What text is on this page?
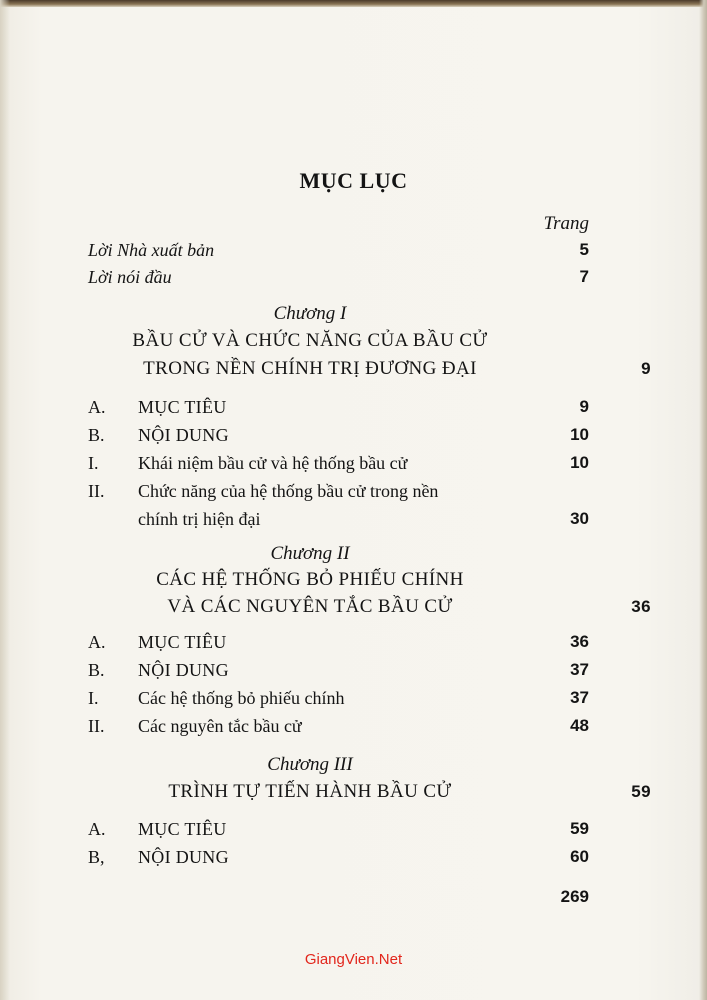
MỤC LỤC
Trang
Lời Nhà xuất bản	5
Lời nói đầu	7
Chương I
BẦU CỬ VÀ CHỨC NĂNG CỦA BẦU CỬ
TRONG NỀN CHÍNH TRỊ ĐƯƠNG ĐẠI	9
A. MỤC TIÊU	9
B. NỘI DUNG	10
I. Khái niệm bầu cử và hệ thống bầu cử	10
II. Chức năng của hệ thống bầu cử trong nền
chính trị hiện đại	30
Chương II
CÁC HỆ THỐNG BỎ PHIẾU CHÍNH
VÀ CÁC NGUYÊN TẮC BẦU CỬ	36
A. MỤC TIÊU	36
B. NỘI DUNG	37
I. Các hệ thống bỏ phiếu chính	37
II. Các nguyên tắc bầu cử	48
Chương III
TRÌNH TỰ TIẾN HÀNH BẦU CỬ	59
A. MỤC TIÊU	59
B, NỘI DUNG	60
269
GiangVien.Net
